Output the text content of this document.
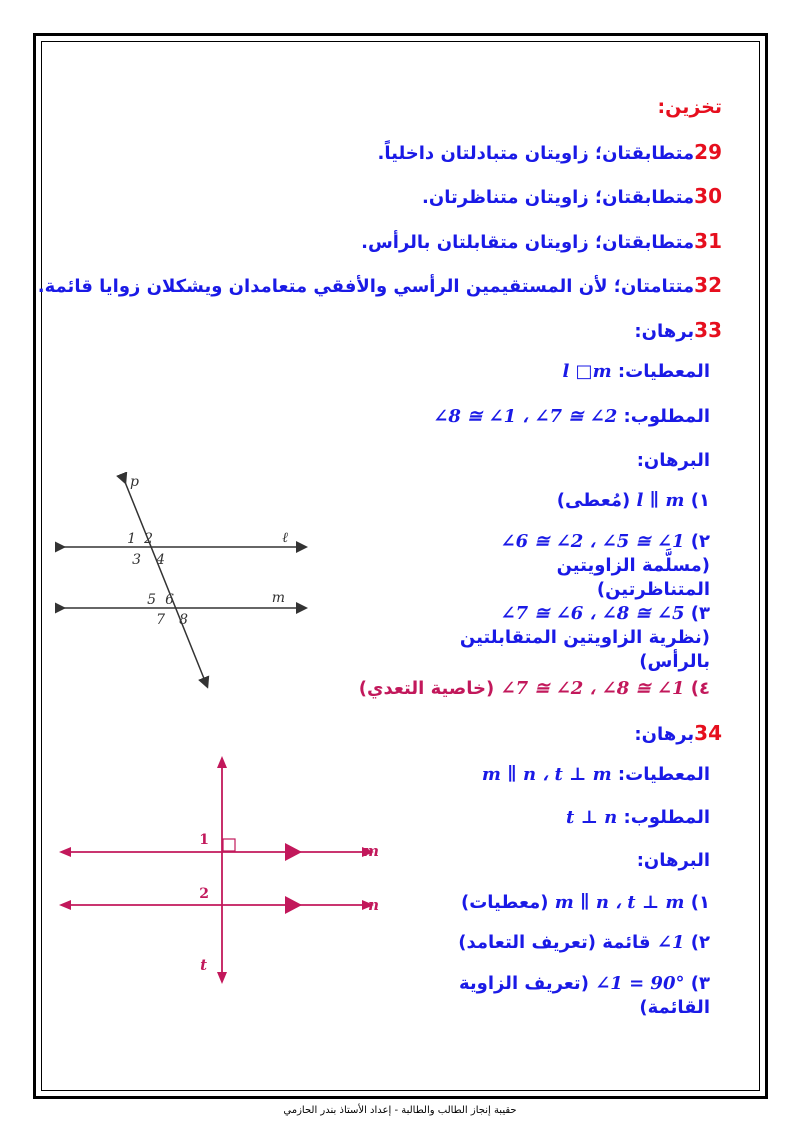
تخزين:
29متطابقتان؛ زاويتان متبادلتان داخلياً.
30متطابقتان؛ زاويتان متناظرتان.
31متطابقتان؛ زاويتان متقابلتان بالرأس.
32متتامتان؛ لأن المستقيمين الرأسي والأفقي متعامدان ويشكلان زوايا قائمة.
33برهان:
المعطيات: l □m
المطلوب: ∠8 ≅ ∠1 ، ∠7 ≅ ∠2
البرهان:
١) l ∥ m (مُعطى)
٢) ∠6 ≅ ∠2 ، ∠5 ≅ ∠1 (مسلَّمة الزاويتين المتناظرتين)
٣) ∠7 ≅ ∠6 ، ∠8 ≅ ∠5 (نظرية الزاويتين المتقابلتين بالرأس)
٤) ∠7 ≅ ∠2 ، ∠8 ≅ ∠1 (خاصية التعدي)
p
ℓ
m
1 2
3 4
5 6
7 8
34برهان:
المعطيات: m ∥ n ، t ⊥ m
المطلوب: t ⊥ n
البرهان:
١) m ∥ n ، t ⊥ m (معطيات)
٢) ∠1 قائمة (تعريف التعامد)
٣) ∠1 = 90° (تعريف الزاوية القائمة)
1
2
m
n
t
حقيبة إنجاز الطالب والطالبة - إعداد الأستاذ بندر الحازمي
